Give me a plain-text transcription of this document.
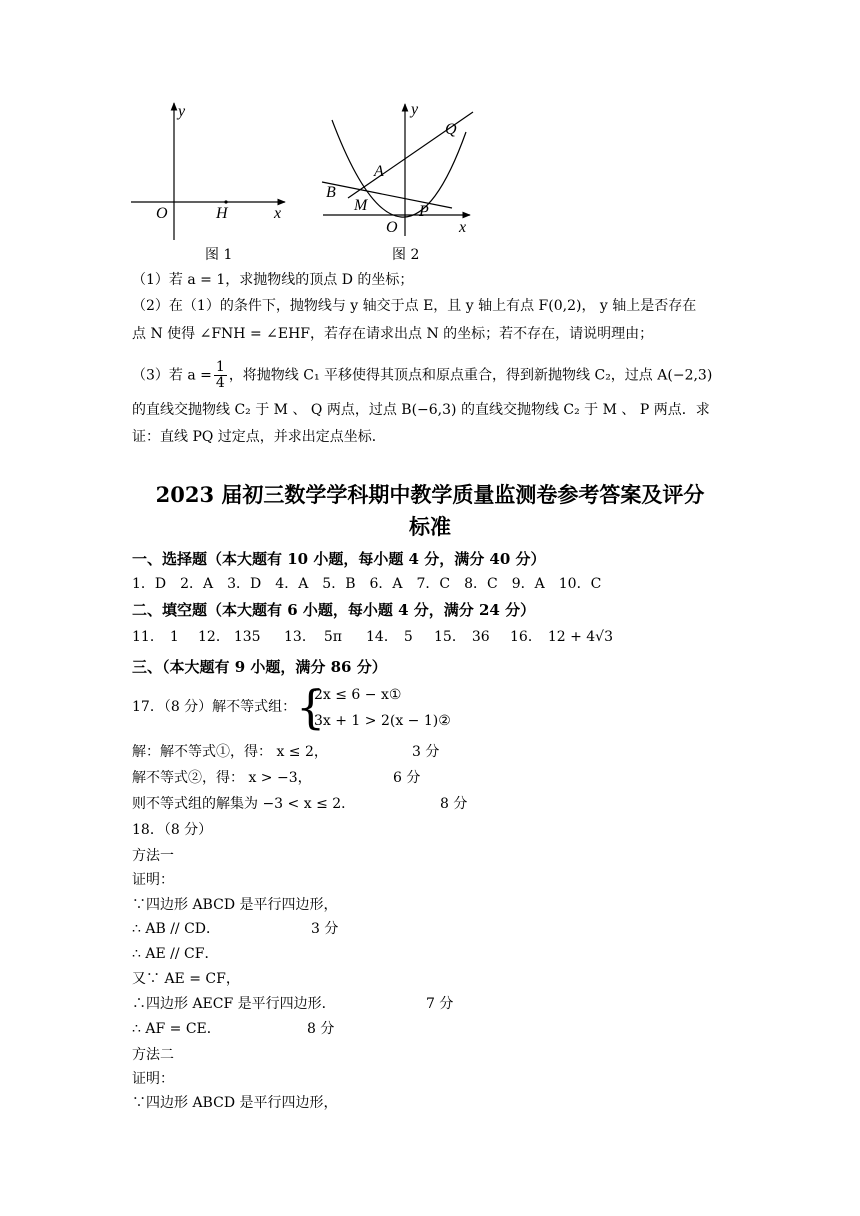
y
O	H	x
图 1
y
Q
A
B
M
O
P
x
图 2
（1）若 a = 1，求抛物线的顶点 D 的坐标；
（2）在（1）的条件下，抛物线与 y 轴交于点 E，且 y 轴上有点 F(0,2)， y 轴上是否存在
点 N 使得 ∠FNH = ∠EHF，若存在请求出点 N 的坐标；若不存在，请说明理由；
（3）若 $a = \frac{1}{4}$ ，将抛物线 C₁ 平移使得其顶点和原点重合，得到新抛物线 C₂，过点 A(−2,3)
的直线交抛物线 C₂ 于 M 、 Q 两点，过点 B(−6,3) 的直线交抛物线 C₂ 于 M 、 P 两点．求
证：直线 PQ 过定点，并求出定点坐标．
2023 届初三数学学科期中教学质量监测卷参考答案及评分
标准
一、选择题（本大题有 10 小题，每小题 4 分，满分 40 分）
1．D　2．A　3．D　4．A　5．B　6．A　7．C　8．C　9．A　10．C
二、填空题（本大题有 6 小题，每小题 4 分，满分 24 分）
11． 1 12． 135 13． 5π 14． 5 15． 36 16． 12 + 4√3
三、（本大题有 9 小题，满分 86 分）
17．（8 分）解不等式组： {
2x ≤ 6 − x①
3x + 1 > 2(x − 1)②
解：解不等式①，得： x ≤ 2，	3 分
解不等式②，得： x > −3，	6 分
则不等式组的解集为 −3 < x ≤ 2．	8 分
18．（8 分）
方法一
证明：
∵四边形 ABCD 是平行四边形，
∴ AB // CD．	3 分
∴ AE // CF．
又∵ AE = CF，
∴四边形 AECF 是平行四边形．	7 分
∴ AF = CE．	8 分
方法二
证明：
∵四边形 ABCD 是平行四边形，
